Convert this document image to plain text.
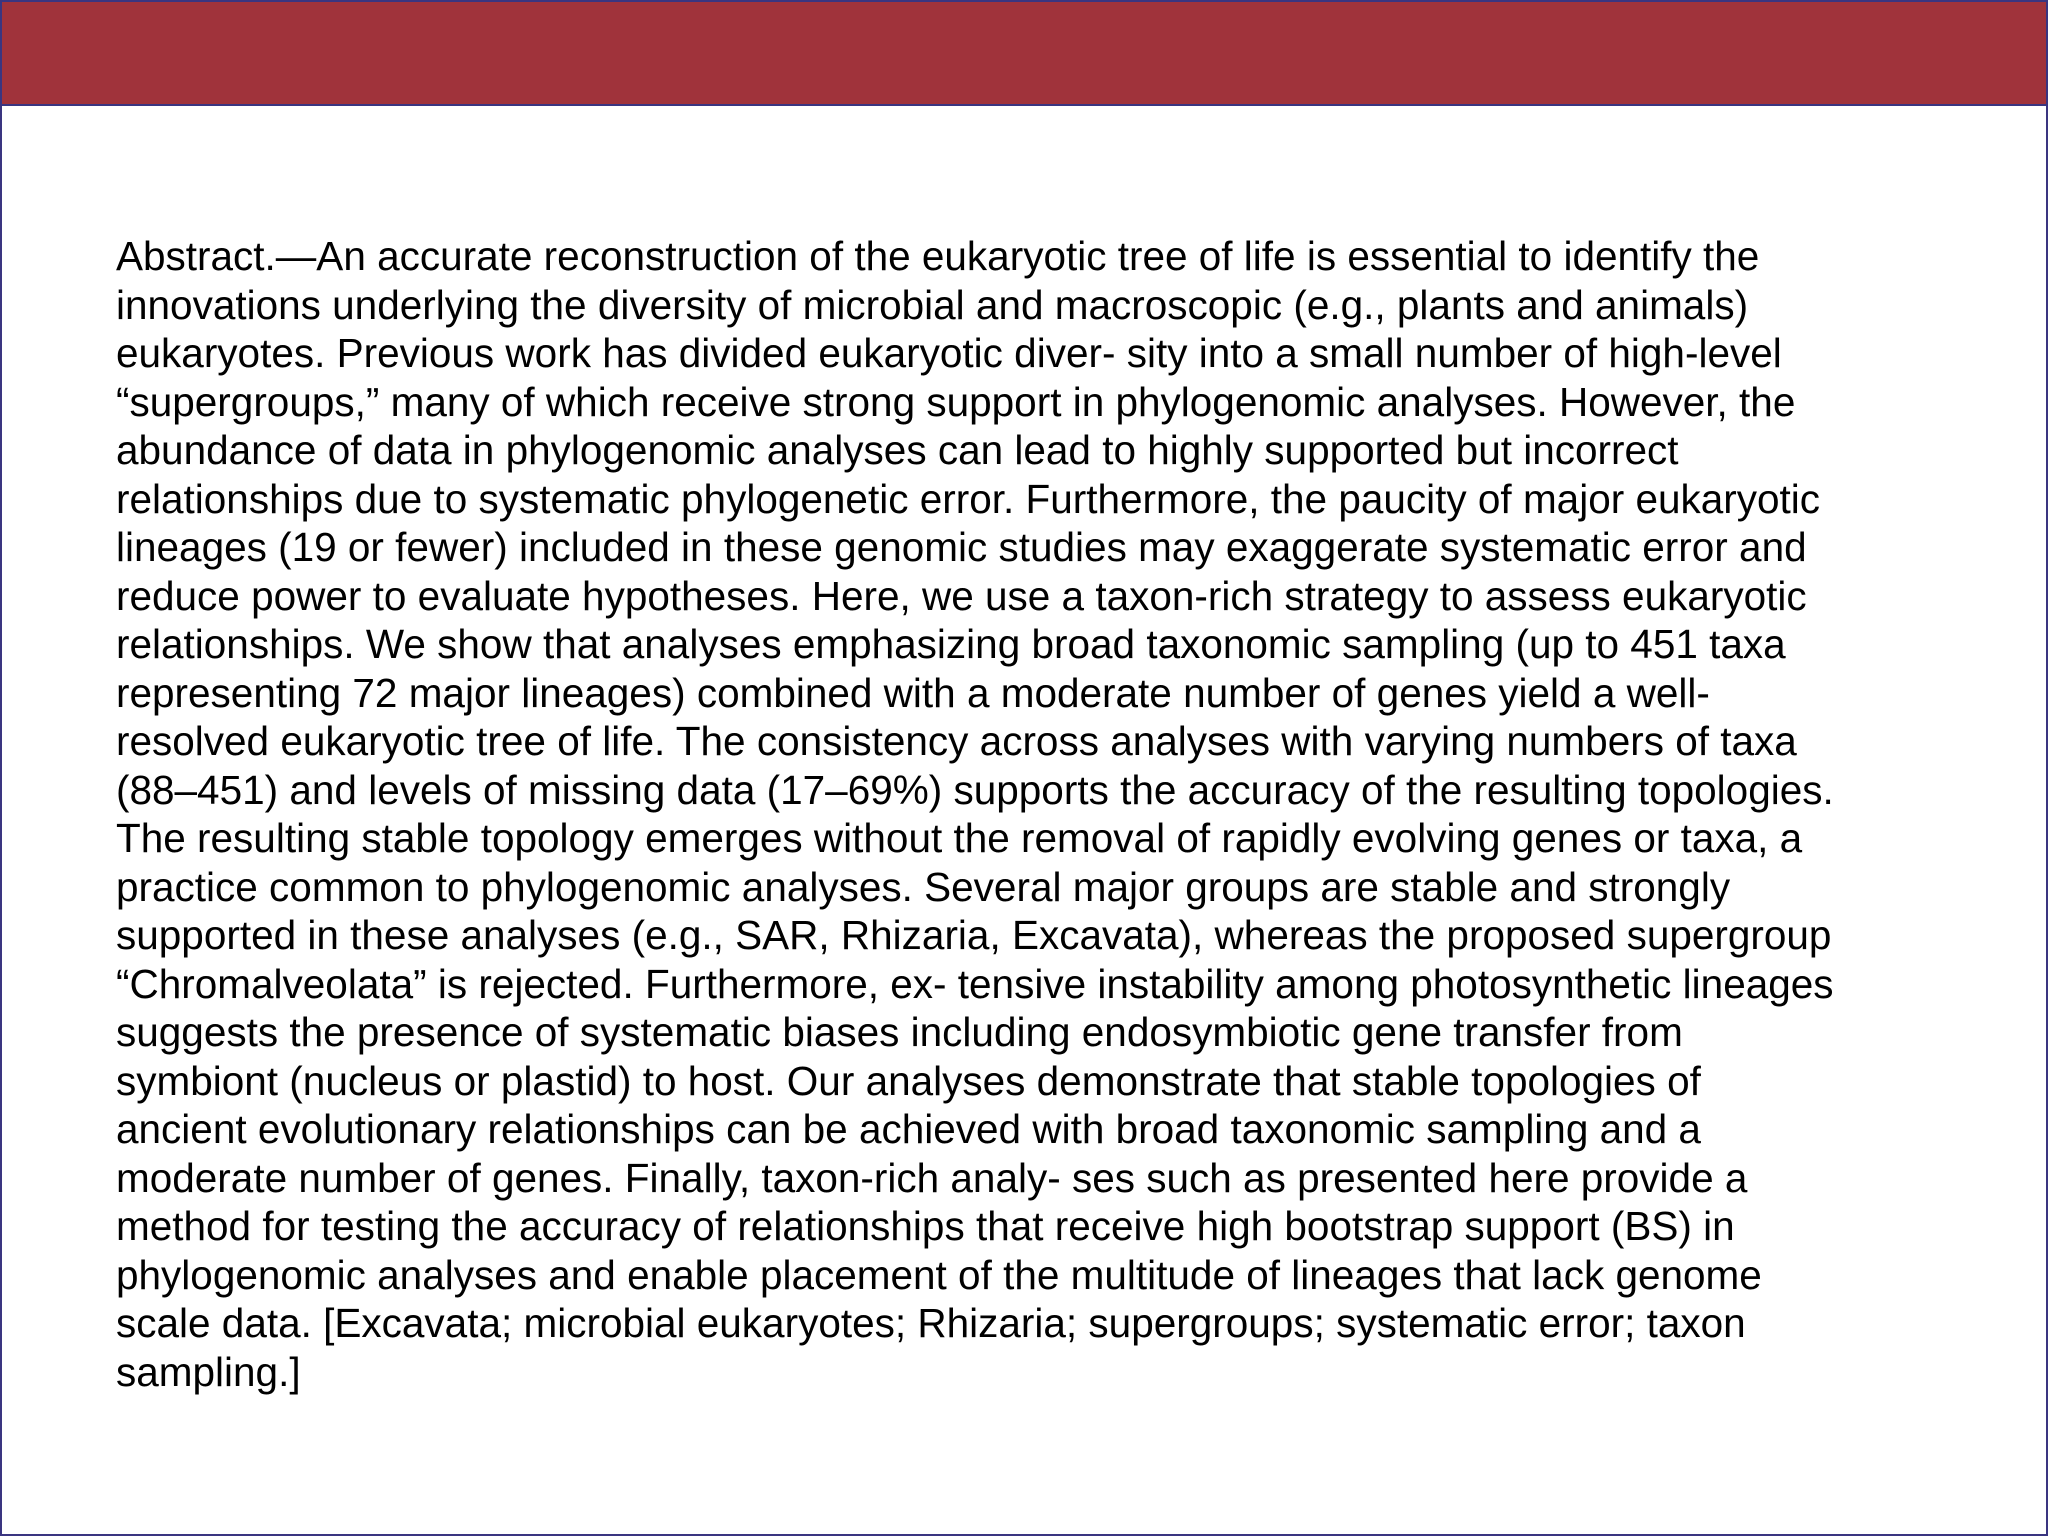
Abstract.—An accurate reconstruction of the eukaryotic tree of life is essential to identify the
innovations underlying the diversity of microbial and macroscopic (e.g., plants and animals)
eukaryotes. Previous work has divided eukaryotic diver- sity into a small number of high-level
“supergroups,” many of which receive strong support in phylogenomic analyses. However, the
abundance of data in phylogenomic analyses can lead to highly supported but incorrect
relationships due to systematic phylogenetic error. Furthermore, the paucity of major eukaryotic
lineages (19 or fewer) included in these genomic studies may exaggerate systematic error and
reduce power to evaluate hypotheses. Here, we use a taxon-rich strategy to assess eukaryotic
relationships. We show that analyses emphasizing broad taxonomic sampling (up to 451 taxa
representing 72 major lineages) combined with a moderate number of genes yield a well-
resolved eukaryotic tree of life. The consistency across analyses with varying numbers of taxa
(88–451) and levels of missing data (17–69%) supports the accuracy of the resulting topologies.
The resulting stable topology emerges without the removal of rapidly evolving genes or taxa, a
practice common to phylogenomic analyses. Several major groups are stable and strongly
supported in these analyses (e.g., SAR, Rhizaria, Excavata), whereas the proposed supergroup
“Chromalveolata” is rejected. Furthermore, ex- tensive instability among photosynthetic lineages
suggests the presence of systematic biases including endosymbiotic gene transfer from
symbiont (nucleus or plastid) to host. Our analyses demonstrate that stable topologies of
ancient evolutionary relationships can be achieved with broad taxonomic sampling and a
moderate number of genes. Finally, taxon-rich analy- ses such as presented here provide a
method for testing the accuracy of relationships that receive high bootstrap support (BS) in
phylogenomic analyses and enable placement of the multitude of lineages that lack genome
scale data. [Excavata; microbial eukaryotes; Rhizaria; supergroups; systematic error; taxon
sampling.]
